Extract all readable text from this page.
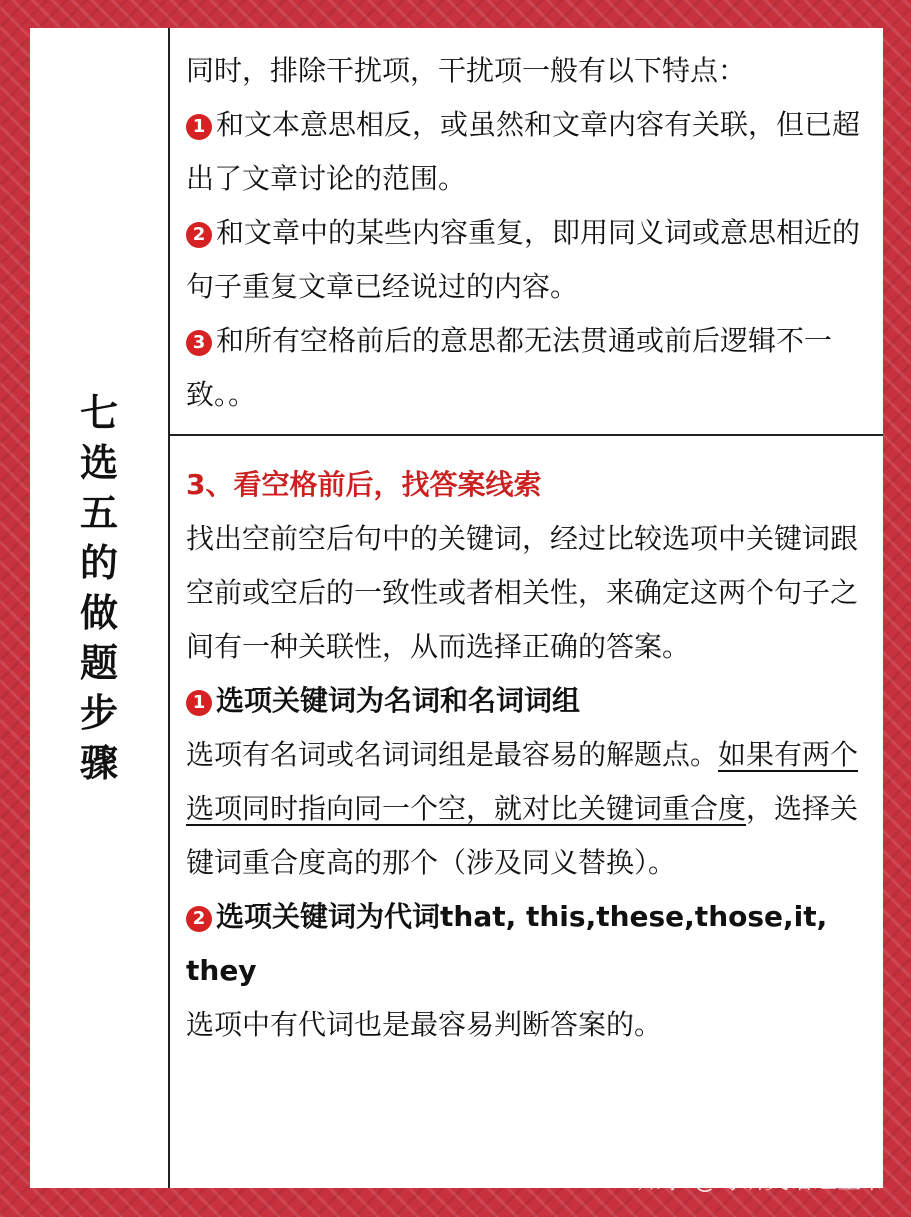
七
选
五
的
做
题
步
骤

同时，排除干扰项，干扰项一般有以下特点：

1 和文本意思相反，或虽然和文章内容有关联，但已超出了文章讨论的范围。

2 和文章中的某些内容重复，即用同义词或意思相近的句子重复文章已经说过的内容。

3 和所有空格前后的意思都无法贯通或前后逻辑不一致。。

3、看空格前后，找答案线索

找出空前空后句中的关键词，经过比较选项中关键词跟空前或空后的一致性或者相关性，来确定这两个句子之间有一种关联性，从而选择正确的答案。

1 选项关键词为名词和名词词组

选项有名词或名词词组是最容易的解题点。如果有两个选项同时指向同一个空，就对比关键词重合度，选择关键词重合度高的那个（涉及同义替换）。

2 选项关键词为代词that, this,these,those,it, they

选项中有代词也是最容易判断答案的。

知乎 @考研英语红宝书
